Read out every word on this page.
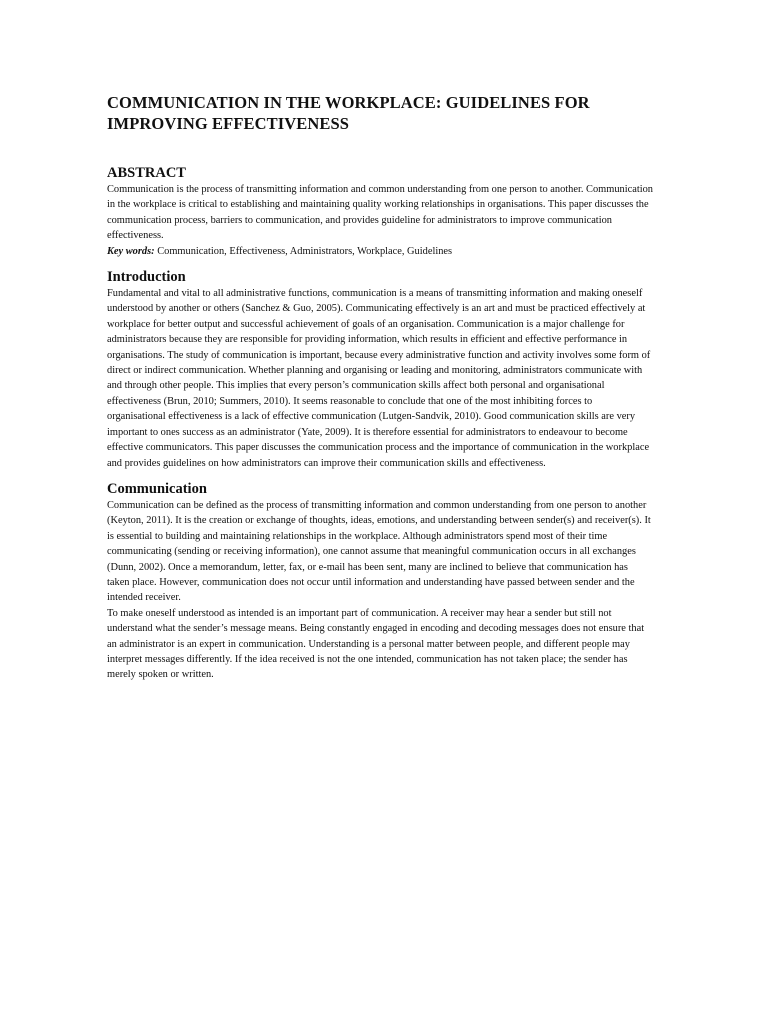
COMMUNICATION IN THE WORKPLACE: GUIDELINES FOR
IMPROVING EFFECTIVENESS
ABSTRACT

Communication is the process of transmitting information and common understanding from one person to another. Communication in the workplace is critical to establishing and maintaining quality working relationships in organisations. This paper discusses the communication process, barriers to communication, and provides guideline for administrators to improve communication effectiveness.

Key words: Communication, Effectiveness, Administrators, Workplace, Guidelines

Introduction

Fundamental and vital to all administrative functions, communication is a means of transmitting information and making oneself understood by another or others (Sanchez & Guo, 2005). Communicating effectively is an art and must be practiced effectively at workplace for better output and successful achievement of goals of an organisation. Communication is a major challenge for administrators because they are responsible for providing information, which results in efficient and effective performance in organisations. The study of communication is important, because every administrative function and activity involves some form of direct or indirect communication. Whether planning and organising or leading and monitoring, administrators communicate with and through other people. This implies that every person’s communication skills affect both personal and organisational effectiveness (Brun, 2010; Summers, 2010). It seems reasonable to conclude that one of the most inhibiting forces to organisational effectiveness is a lack of effective communication (Lutgen-Sandvik, 2010). Good communication skills are very important to ones success as an administrator (Yate, 2009). It is therefore essential for administrators to endeavour to become effective communicators. This paper discusses the communication process and the importance of communication in the workplace and provides guidelines on how administrators can improve their communication skills and effectiveness.

Communication

Communication can be defined as the process of transmitting information and common understanding from one person to another (Keyton, 2011). It is the creation or exchange of thoughts, ideas, emotions, and understanding between sender(s) and receiver(s). It is essential to building and maintaining relationships in the workplace. Although administrators spend most of their time communicating (sending or receiving information), one cannot assume that meaningful communication occurs in all exchanges (Dunn, 2002). Once a memorandum, letter, fax, or e-mail has been sent, many are inclined to believe that communication has taken place. However, communication does not occur until information and understanding have passed between sender and the intended receiver.

To make oneself understood as intended is an important part of communication. A receiver may hear a sender but still not understand what the sender’s message means. Being constantly engaged in encoding and decoding messages does not ensure that an administrator is an expert in communication. Understanding is a personal matter between people, and different people may interpret messages differently. If the idea received is not the one intended, communication has not taken place; the sender has merely spoken or written.
